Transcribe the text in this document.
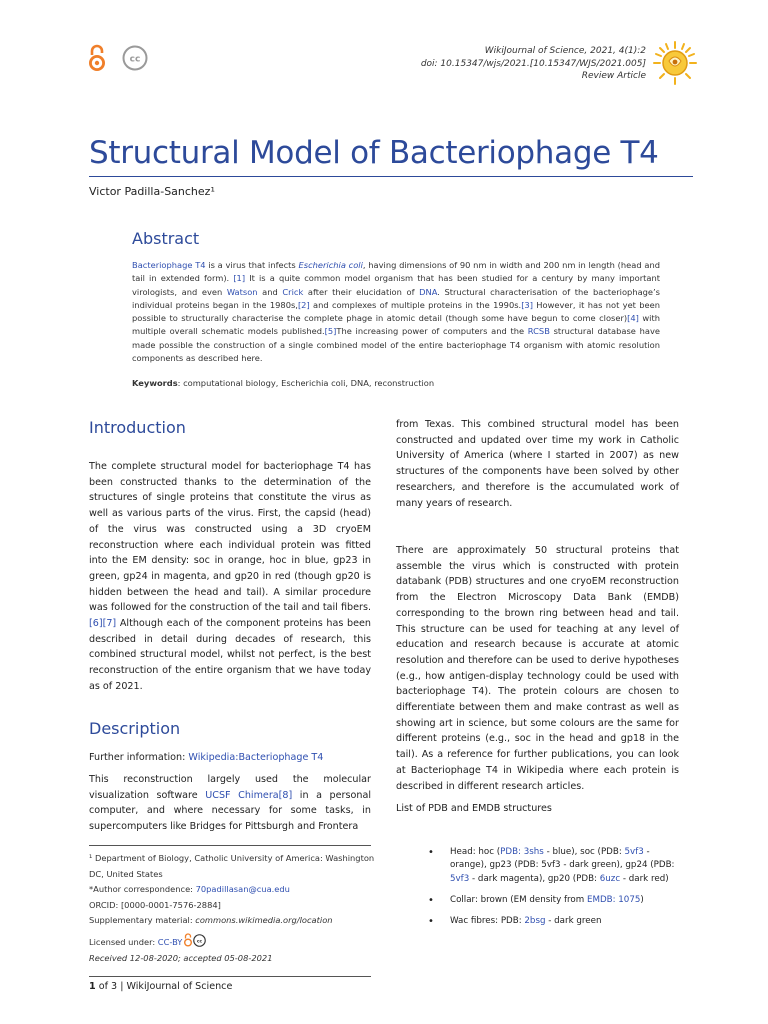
cc
WikiJournal of Science, 2021, 4(1):2
doi: 10.15347/wjs/2021.[10.15347/WJS/2021.005]
Review Article
Structural Model of Bacteriophage T4
Victor Padilla-Sanchez¹
Abstract
Bacteriophage T4 is a virus that infects Escherichia coli, having dimensions of 90 nm in width and 200 nm in length (head and tail in extended form). [1] It is a quite common model organism that has been studied for a century by many important virologists, and even Watson and Crick after their elucidation of DNA. Structural characterisation of the bacteriophage’s individual proteins began in the 1980s,[2] and complexes of multiple proteins in the 1990s.[3] However, it has not yet been possible to structurally characterise the complete phage in atomic detail (though some have begun to come closer)[4] with multiple overall schematic models published.[5]The increasing power of computers and the RCSB structural database have made possible the construction of a single combined model of the entire bacteriophage T4 organism with atomic resolution components as described here.
Keywords: computational biology, Escherichia coli, DNA, reconstruction
Introduction
The complete structural model for bacteriophage T4 has been constructed thanks to the determination of the structures of single proteins that constitute the virus as well as various parts of the virus. First, the capsid (head) of the virus was constructed using a 3D cryoEM reconstruction where each individual protein was fitted into the EM density: soc in orange, hoc in blue, gp23 in green, gp24 in magenta, and gp20 in red (though gp20 is hidden between the head and tail). A similar procedure was followed for the construction of the tail and tail fibers.[6][7] Although each of the component proteins has been described in detail during decades of research, this combined structural model, whilst not perfect, is the best reconstruction of the entire organism that we have today as of 2021.
Description
Further information: Wikipedia:Bacteriophage T4
This reconstruction largely used the molecular visualization software UCSF Chimera[8] in a personal computer, and where necessary for some tasks, in supercomputers like Bridges for Pittsburgh and Frontera
from Texas. This combined structural model has been constructed and updated over time my work in Catholic University of America (where I started in 2007) as new structures of the components have been solved by other researchers, and therefore is the accumulated work of many years of research.
There are approximately 50 structural proteins that assemble the virus which is constructed with protein databank (PDB) structures and one cryoEM reconstruction from the Electron Microscopy Data Bank (EMDB) corresponding to the brown ring between head and tail. This structure can be used for teaching at any level of education and research because is accurate at atomic resolution and therefore can be used to derive hypotheses (e.g., how antigen-display technology could be used with bacteriophage T4). The protein colours are chosen to differentiate between them and make contrast as well as showing art in science, but some colours are the same for different proteins (e.g., soc in the head and gp18 in the tail). As a reference for further publications, you can look at Bacteriophage T4 in Wikipedia where each protein is described in different research articles.
List of PDB and EMDB structures
• Head: hoc (PDB: 3shs - blue), soc (PDB: 5vf3 - orange), gp23 (PDB: 5vf3 - dark green), gp24 (PDB: 5vf3 - dark magenta), gp20 (PDB: 6uzc - dark red)
• Collar: brown (EM density from EMDB: 1075)
• Wac fibres: PDB: 2bsg - dark green
¹ Department of Biology, Catholic University of America: Washington DC, United States
*Author correspondence: 70padillasan@cua.edu
ORCID: [0000-0001-7576-2884]
Supplementary material: commons.wikimedia.org/location
Licensed under: CC-BY cc
Received 12-08-2020; accepted 05-08-2021
1 of 3 | WikiJournal of Science
